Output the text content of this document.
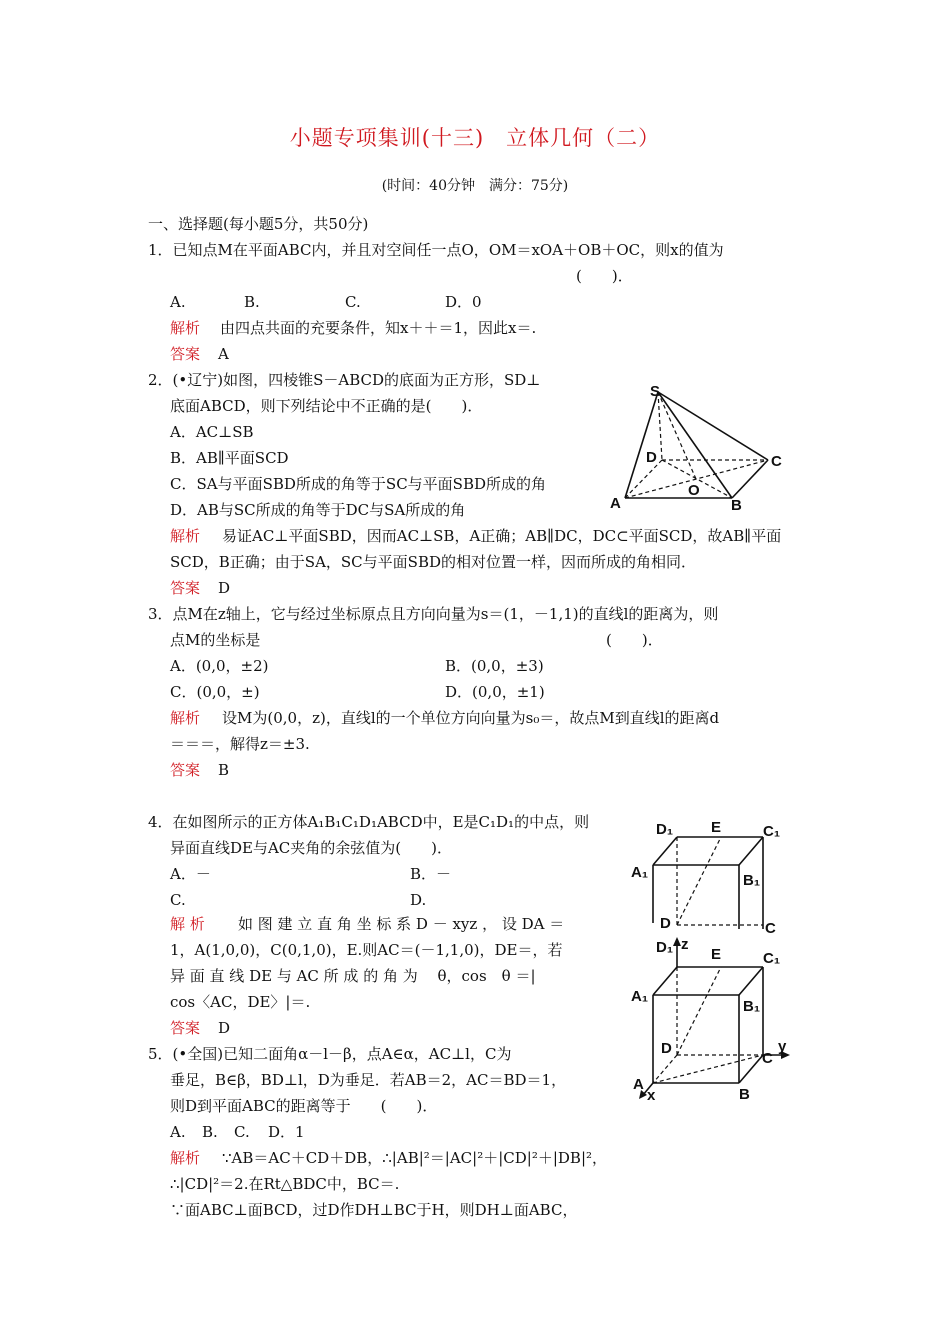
小题专项集训(十三)　立体几何（二）
(时间：40分钟　满分：75分)
一、选择题(每小题5分，共50分)
1．已知点M在平面ABC内，并且对空间任一点O，OM＝xOA＋OB＋OC，则x的值为
(　　)．
A.	B.	C.	D．0
解析 由四点共面的充要条件，知x＋＋＝1，因此x＝.
答案 A
2．(•辽宁)如图，四棱锥S－ABCD的底面为正方形，SD⊥
底面ABCD，则下列结论中不正确的是(　　)．
A．AC⊥SB
B．AB∥平面SCD
C．SA与平面SBD所成的角等于SC与平面SBD所成的角
D．AB与SC所成的角等于DC与SA所成的角
解析 易证AC⊥平面SBD，因而AC⊥SB，A正确；AB∥DC，DC⊂平面SCD，故AB∥平面
SCD，B正确；由于SA，SC与平面SBD的相对位置一样，因而所成的角相同．
答案 D
S
D	C
O
A	B
3．点M在z轴上，它与经过坐标原点且方向向量为s＝(1，－1,1)的直线l的距离为，则
点M的坐标是	(　　)．
A．(0,0，±2)	B．(0,0，±3)
C．(0,0，±)	D．(0,0，±1)
解析 设M为(0,0，z)，直线l的一个单位方向向量为s₀＝，故点M到直线l的距离d
＝＝＝，解得z＝±3.
答案 B
4．在如图所示的正方体A₁B₁C₁D₁ABCD中，E是C₁D₁的中点，则
异面直线DE与AC夹角的余弦值为(　　)．
A．－	B．－
C.	D.
解 析 如 图 建 立 直 角 坐 标 系 D － xyz ， 设 DA ＝
1，A(1,0,0)，C(0,1,0)，E.则AC＝(－1,1,0)，DE＝，若
异 面 直 线 DE 与 AC 所 成 的 角 为 　θ，cos　θ ＝|
cos〈AC，DE〉|＝.
答案 D
D₁	E	C₁
A₁	B₁
D	C
D₁ z
E	C₁
A₁
B₁
D
C
y
A
x	B
5．(•全国)已知二面角α－l－β，点A∈α，AC⊥l，C为
垂足，B∈β，BD⊥l，D为垂足．若AB＝2，AC＝BD＝1，
则D到平面ABC的距离等于　　(　　)．
A. B. C. D．1
解析 ∵AB＝AC＋CD＋DB，∴|AB|²＝|AC|²＋|CD|²＋|DB|²，
∴|CD|²＝2.在Rt△BDC中，BC＝.
∵面ABC⊥面BCD，过D作DH⊥BC于H，则DH⊥面ABC，
